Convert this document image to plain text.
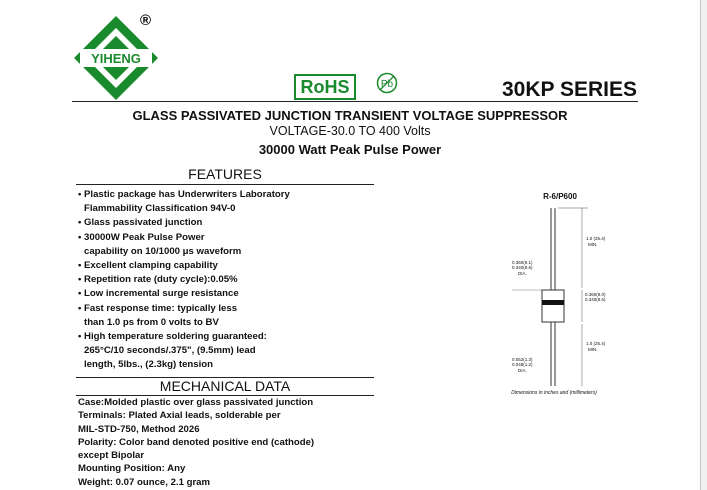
YIHENG
®
RoHS	Pb	30KP SERIES
GLASS PASSIVATED JUNCTION TRANSIENT VOLTAGE SUPPRESSOR
VOLTAGE-30.0 TO 400 Volts
30000 Watt Peak Pulse Power
FEATURES
• Plastic package has Underwriters Laboratory
Flammability Classification 94V-0
• Glass passivated junction
• 30000W Peak Pulse Power
capability on 10/1000 μs waveform
• Excellent clamping capability
• Repetition rate (duty cycle):0.05%
• Low incremental surge resistance
• Fast response time: typically less
than 1.0 ps from 0 volts to BV
• High temperature soldering guaranteed:
265°C/10 seconds/.375", (9.5mm) lead
length, 5lbs., (2.3kg) tension
MECHANICAL DATA
Case:Molded plastic over glass passivated junction
Terminals: Plated Axial leads, solderable per
MIL-STD-750, Method 2026
Polarity: Color band denoted positive end (cathode)
except Bipolar
Mounting Position: Any
Weight: 0.07 ounce, 2.1 gram
R-6/P600
1.0 (25.4)
MIN.
0.360(9.0)
0.340(8.6)
1.0 (25.4)
MIN.
0.360(9.1)
0.340(8.6)
DIA.
0.052(1.3)
0.048(1.2)
DIA.
Dimensions in inches and (millimeters)
